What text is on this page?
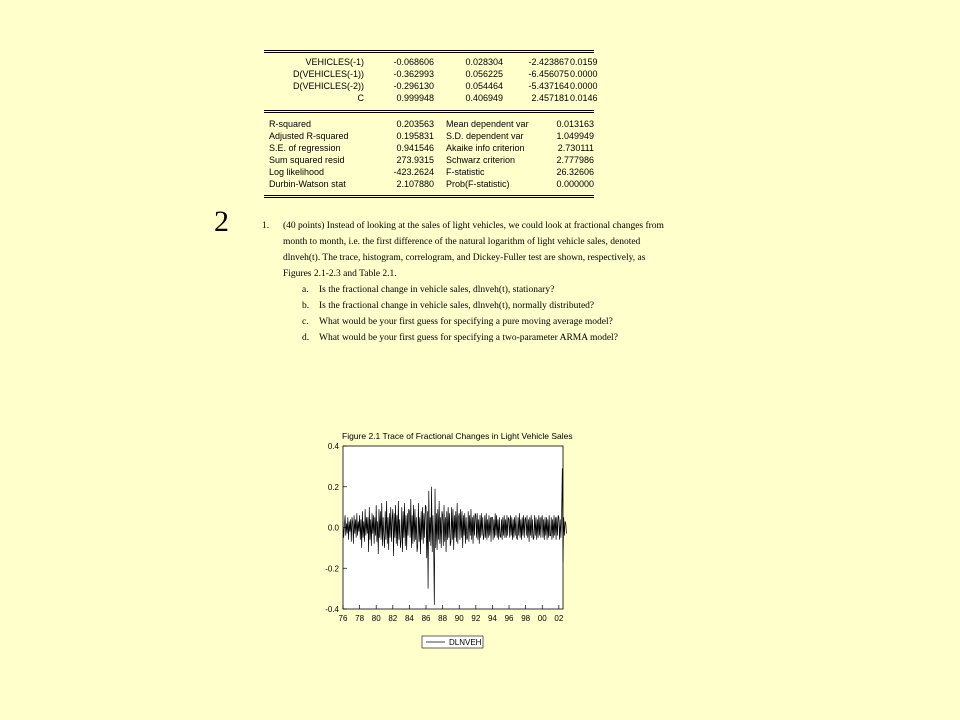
VEHICLES(-1)	-0.068606	0.028304	-2.423867 0.0159
D(VEHICLES(-1))	-0.362993	0.056225	-6.456075 0.0000
D(VEHICLES(-2))	-0.296130	0.054464	-5.437164 0.0000
C	0.999948	0.406949	2.457181 0.0146
R-squared	0.203563 Mean dependent var	0.013163
Adjusted R-squared	0.195831 S.D. dependent var	1.049949
S.E. of regression	0.941546 Akaike info criterion	2.730111
Sum squared resid	273.9315 Schwarz criterion	2.777986
Log likelihood	-423.2624 F-statistic	26.32606
Durbin-Watson stat	2.107880 Prob(F-statistic)	0.000000
2	1. (40 points) Instead of looking at the sales of light vehicles, we could look at fractional changes from
month to month, i.e. the first difference of the natural logarithm of light vehicle sales, denoted
dlnveh(t). The trace, histogram, correlogram, and Dickey-Fuller test are shown, respectively, as
Figures 2.1-2.3 and Table 2.1.
a. Is the fractional change in vehicle sales, dlnveh(t), stationary?
b. Is the fractional change in vehicle sales, dlnveh(t), normally distributed?
c. What would be your first guess for specifying a pure moving average model?
d. What would be your first guess for specifying a two-parameter ARMA model?
Figure 2.1 Trace of Fractional Changes in Light Vehicle Sales
0.4
0.2
0.0
-0.2
-0.4
76 78 80 82 84 86 88 90 92 94 96 98 00 02
DLNVEH
